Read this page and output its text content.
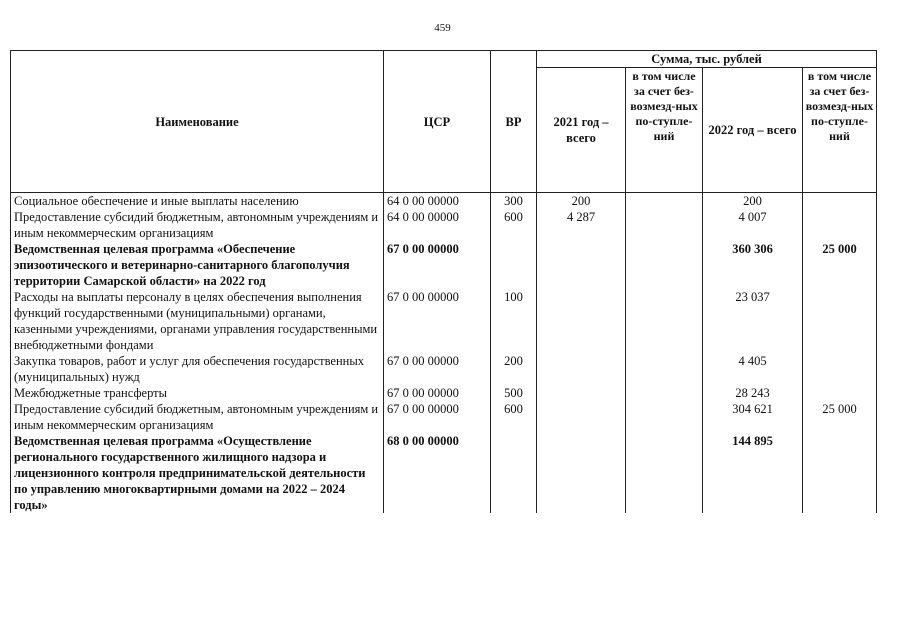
459
Наименование	ЦСР	ВР	Сумма, тыс. рублей			
			2021 год – всего	в том числе за счет без-возмезд-ных по-ступле-ний	2022 год – всего	в том числе за счет без-возмезд-ных по-ступле-ний
Социальное обеспечение и иные выплаты населению	64 0 00 00000	300	200		200	
Предоставление субсидий бюджетным, автономным учреждениям и иным некоммерческим организациям	64 0 00 00000	600	4 287		4 007	
Ведомственная целевая программа «Обеспечение эпизоотического и ветеринарно-санитарного благополучия территории Самарской области» на 2022 год	67 0 00 00000				360 306	25 000
Расходы на выплаты персоналу в целях обеспечения выполнения функций государственными (муниципальными) органами, казенными учреждениями, органами управления государственными внебюджетными фондами	67 0 00 00000	100			23 037	
Закупка товаров, работ и услуг для обеспечения государственных (муниципальных) нужд	67 0 00 00000	200			4 405	
Межбюджетные трансферты	67 0 00 00000	500			28 243	
Предоставление субсидий бюджетным, автономным учреждениям и иным некоммерческим организациям	67 0 00 00000	600			304 621	25 000
Ведомственная целевая программа «Осуществление регионального государственного жилищного надзора и лицензионного контроля предпринимательской деятельности по управлению многоквартирными домами на 2022 – 2024 годы»	68 0 00 00000				144 895	
